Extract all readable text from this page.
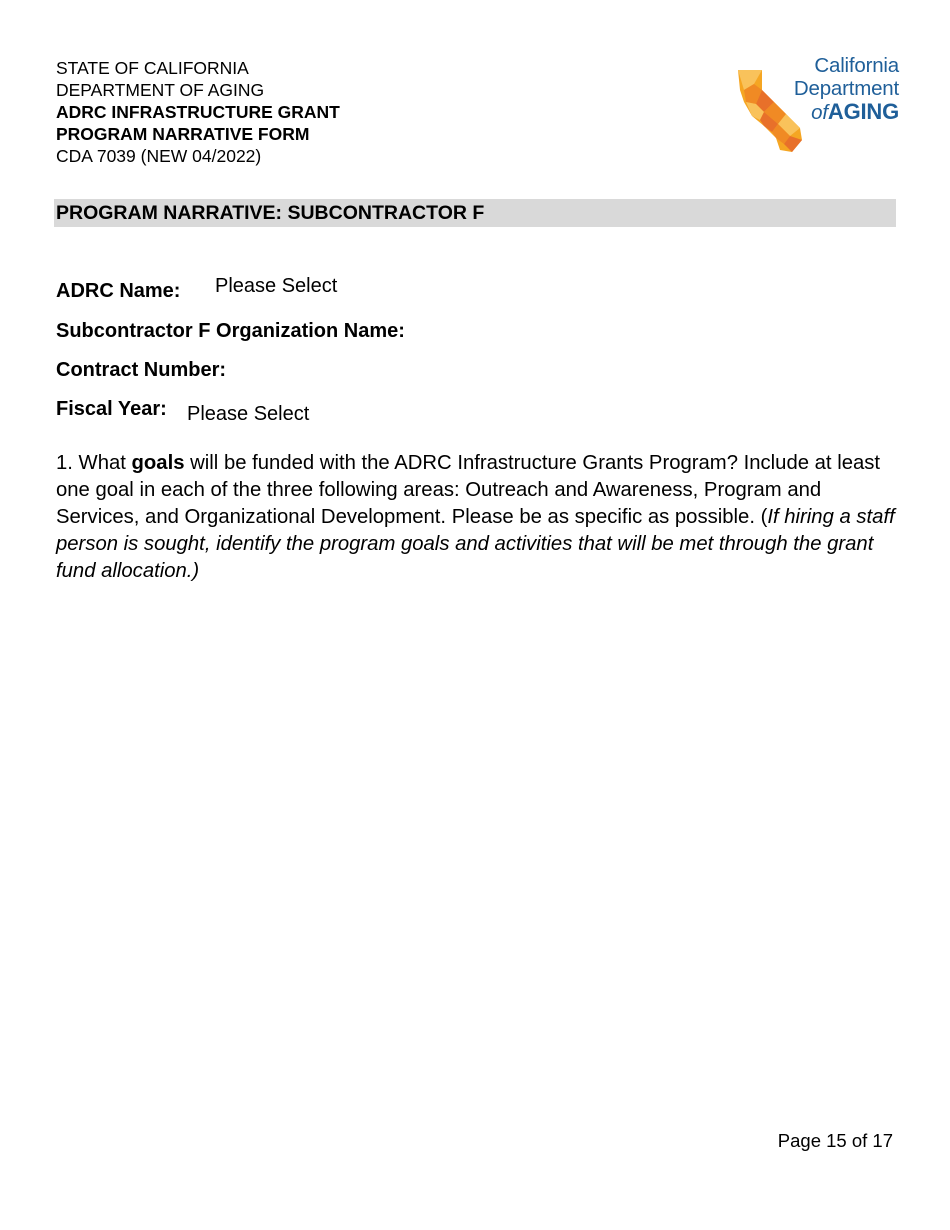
STATE OF CALIFORNIA
DEPARTMENT OF AGING
ADRC INFRASTRUCTURE GRANT
PROGRAM NARRATIVE FORM
CDA 7039 (NEW 04/2022)
California
Department
ofAGING
PROGRAM NARRATIVE: SUBCONTRACTOR F
ADRC Name: Please Select
Subcontractor F Organization Name:
Contract Number:
Fiscal Year: Please Select
1. What goals will be funded with the ADRC Infrastructure Grants Program? Include at least one goal in each of the three following areas: Outreach and Awareness, Program and Services, and Organizational Development. Please be as specific as possible. (If hiring a staff person is sought, identify the program goals and activities that will be met through the grant fund allocation.)
Page 15 of 17
